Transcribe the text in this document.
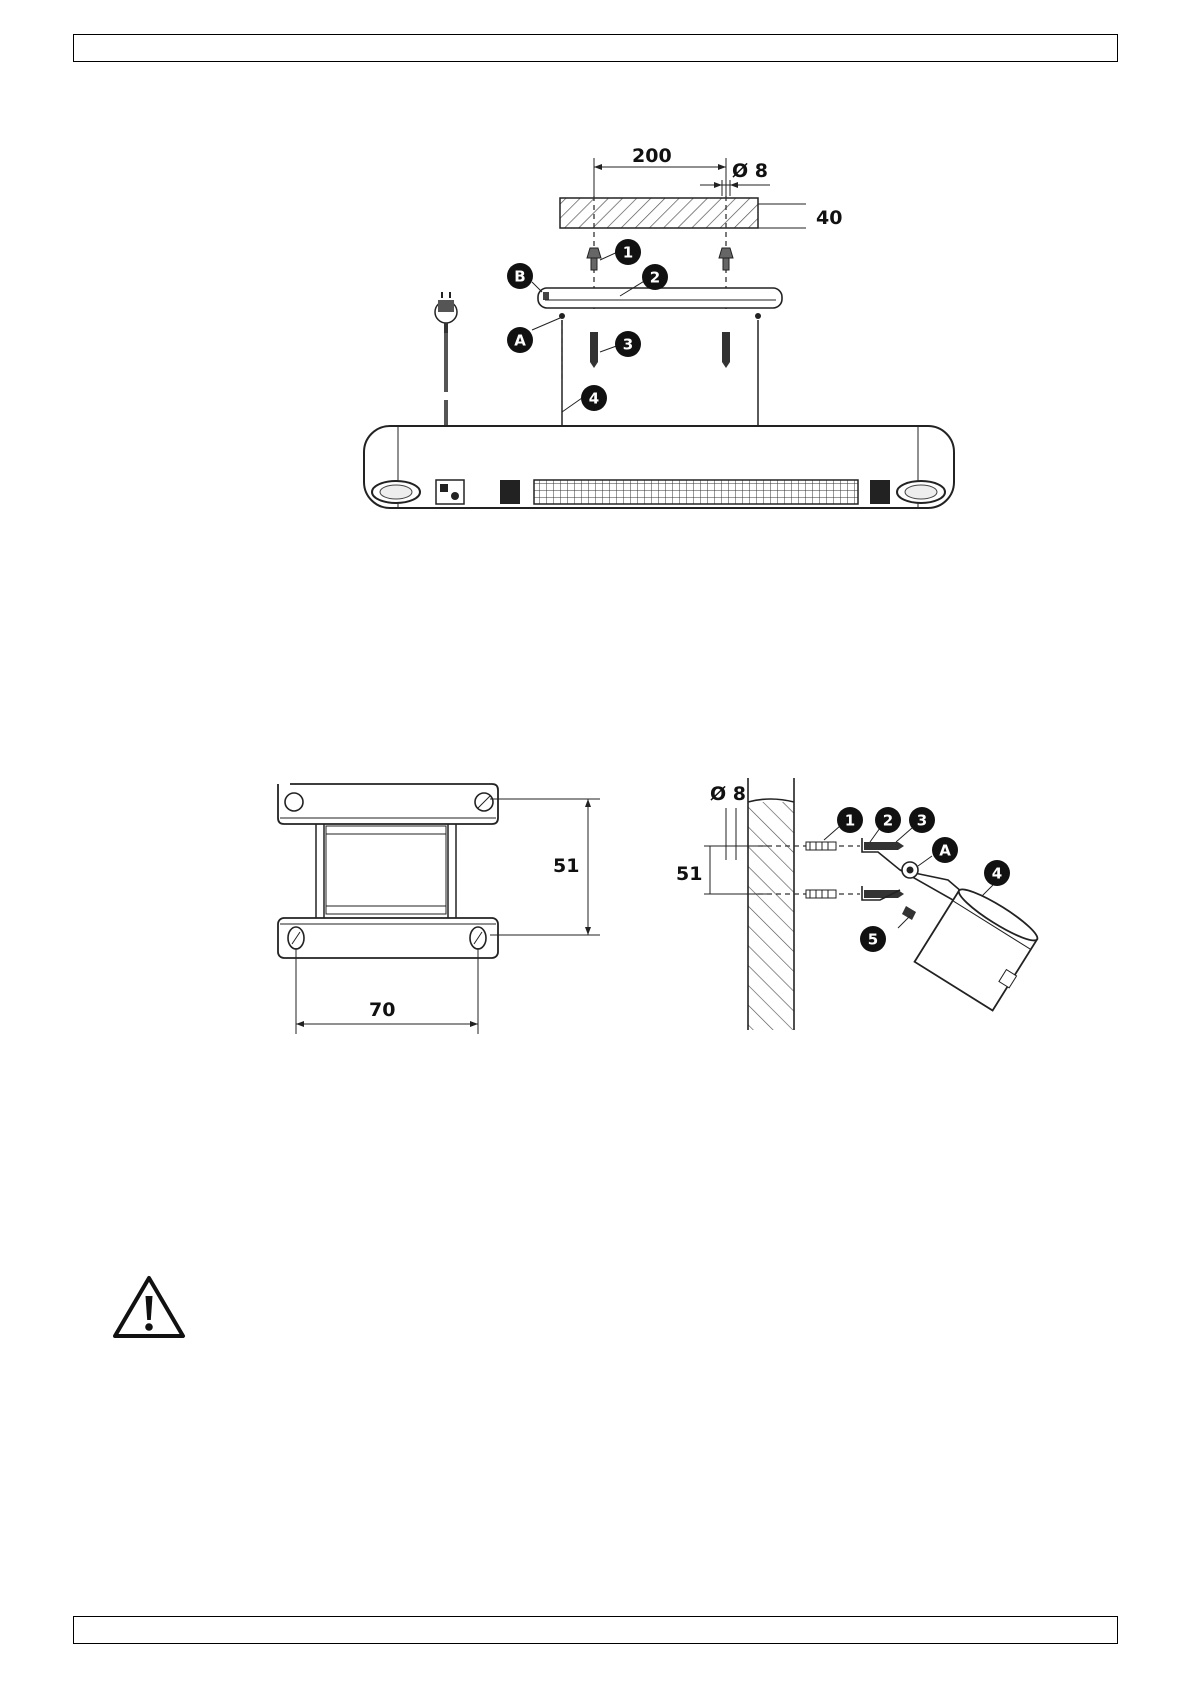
200
Ø 8
40
1
2
3
4
A
B
51
70
Ø 8
51
1 2 3
A
4
5
